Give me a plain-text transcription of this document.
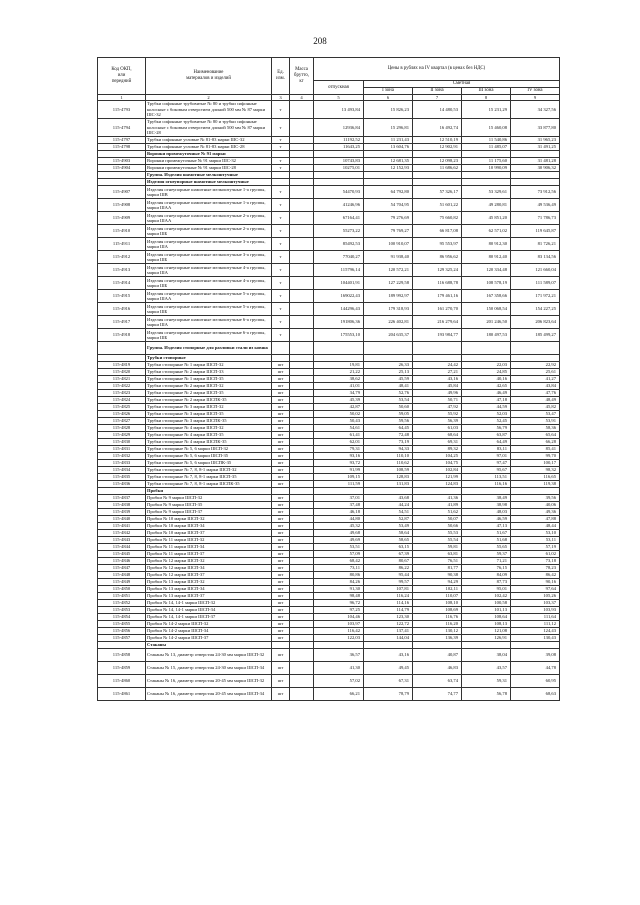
208
Код ОКП,
или
передний	Наименование
материалов и изделий	Ед.
изм.	Масса
брутто,
кг	Цены в рублях на IV квартал (в ценах без НДС)				
				отпускная	Сметная			
					I зона	II зона	III зона	IV зона
1	2	3	4	5	6	7	8	9
115-4793	Трубки сифонные трубовитые № 80 и трубки сифонные колосные с боковым отверстием длиной 500 мм № 87 марки ШС-32	т		13 493,84	15 826,23	14 480,53	15 231,29	34 327,56
115-4794	Трубки сифонные трубовитые № 80 и трубки сифонные колосные с боковым отверстием длиной 500 мм № 87 марки ШС-28	т		12936,84	15 296,81	16 492,74	15 460,08	33 877,80
115-4797	Трубки сифонные угловые № 81-83 марки ШС-32	т		11192,52	11 231,43	12 510,19	11 540,86	31 965,23
115-4798	Трубки сифонные угловые № 81-83 марки ШС-28	т		11643,25	13 604,76	12 902,91	11 485,07	31 491,25
	Воронки промежуточные № 91 марки							
115-4903	Воронки промежуточные № 91 марки ШС-32	т		10743,83	12 681,35	12 098,23	11 175,60	31 481,28
115-4904	Воронки промежуточные № 91 марки ШС-28	т		10275,01	12 152,93	11 686,62	10 990,09	30 906,32
	Группа. Изделия шамотные мелкоштучные							
	Изделия огнеупорные шамотные мелкоштучные							
115-4907	Изделия огнеупорные шамотные мелкоштучные 1-а группы, марки ШВ	т		54470,93	64 792,80	57 326,17	53 329,61	73 912,56
115-4908	Изделия огнеупорные шамотные мелкоштучные 1-а группы, марки ШАА	т		41246,96	54 704,95	51 601,22	49 280,81	49 536,49
115-4909	Изделия огнеупорные шамотные мелкоштучные 2-а группы, марки ШАА	т		67164,41	79 276,69	75 660,82	45 851,20	71 786,73
115-4910	Изделия огнеупорные шамотные мелкоштучные 2-а группы, марки ШБ	т		55273,22	79 769,27	66 817,08	62 571,02	119 645,87
115-4911	Изделия огнеупорные шамотные мелкоштучные 3-а группы, марки ША	т		85492,53	100 910,07	95 553,97	80 912,30	81 726,21
115-4912	Изделия огнеупорные шамотные мелкоштучные 3-а группы, марки ШБ	т		77040,27	91 938,40	86 956,62	80 912,40	83 134,56
115-4913	Изделия огнеупорные шамотные мелкоштучные 4-а группы, марки ША	т		115796,14	120 572,21	129 325,24	120 334,48	121 660,04
115-4914	Изделия огнеупорные шамотные мелкоштучные 4-а группы, марки ШБ	т		104401,91	127 229,58	116 688,78	108 578,19	111 589,07
115-4915	Изделия огнеупорные шамотные мелкоштучные 5-а группы, марки ШАА	т		169022,43	189 992,97	179 461,16	167 358,66	171 972,21
115-4916	Изделия огнеупорные шамотные мелкоштучные 5-а группы, марки ШБ	т		144296,43	179 318,93	161 270,70	150 068,54	154 227,25
115-4917	Изделия огнеупорные шамотные мелкоштучные 6-а группы, марки ША	т		191806,36	226 402,81	216 279,64	201 246,50	206 823,64
115-4918	Изделия огнеупорные шамотные мелкоштучные 6-а группы, марки ШБ	т		175553,10	204 635,37	193 984,77	180 497,53	185 499,27
	Группа. Изделия стопорные для разливки стали из ковша							
	Трубки стопорные							
115-4819	Трубки стопорные № 1 марки ШСП-32	шт		19,81	26,33	24,42	22,03	22,92
115-4820	Трубки стопорные № 2 марки ШСП-33	шт		21,22	25,13	27,21	24,85	25,61
115-4821	Трубки стопорные № 1 марки ШСП-35	шт		38,62	45,59	43,16	40,16	41,27
115-4822	Трубки стопорные № 2 марки ШСП-32	шт		41,01	48,41	45,84	42,65	43,84
115-4823	Трубки стопорные № 2 марки ШСП-35	шт		34,79	52,76	49,96	46,49	47,76
115-4824	Трубки стопорные № 2 марки ШСПК-35	шт		45,39	53,54	50,71	47,18	48,49
115-4825	Трубки стопорные № 3 марки ШСП-32	шт		42,87	50,60	47,92	44,59	45,82
115-4826	Трубки стопорные № 3 марки ШСП-35	шт		50,02	59,05	55,92	52,03	53,47
115-4827	Трубки стопорные № 3 марки ШСПК-35	шт		50,43	59,56	56,39	52,45	53,91
115-4828	Трубки стопорные № 4 марки ШСП-32	шт		54,61	64,45	61,03	56,79	58,36
115-4829	Трубки стопорные № 4 марки ШСП-35	шт		61,41	72,48	68,64	63,87	65,64
115-4830	Трубки стопорные № 4 марки ШСПК-35	шт		62,01	73,19	69,31	64,49	66,28
115-4831	Трубки стопорные № 5, 6 марки ШСП-32	шт		79,31	94,33	89,32	83,11	85,41
115-4832	Трубки стопорные № 5, 6 марки ШСП-35	шт		93,16	110,10	104,25	97,01	99,70
115-4833	Трубки стопорные № 5, 6 марки ШСПК-35	шт		93,72	110,62	104,75	97,47	100,17
115-4834	Трубки стопорные № 7, 8, 8-1 марки ШСП-32	шт		91,99	108,59	102,84	95,67	98,32
115-4835	Трубки стопорные № 7, 8, 8-1 марки ШСП-35	шт		109,15	128,83	121,99	113,51	116,65
115-4836	Трубки стопорные № 7, 8, 8-1 марки ШСПК-35	шт		111,59	131,83	124,83	116,16	119,38
	Пробки							
115-4837	Пробки № 9 марки ШСП-32	шт		37,01	43,68	41,36	38,49	39,56
115-4838	Пробки № 9 марки ШСП-35	шт		37,48	44,24	41,89	38,98	40,06
115-4839	Пробки № 9 марки ШСП-37	шт		46,18	54,51	51,62	48,03	49,36
115-4840	Пробки № 10 марки ШСП-32	шт		44,80	52,87	50,07	46,59	47,88
115-4841	Пробки № 10 марки ШСП-34	шт		45,32	53,49	50,66	47,13	48,44
115-4842	Пробки № 10 марки ШСП-37	шт		49,68	58,64	55,53	51,67	53,10
115-4843	Пробки № 11 марки ШСП-32	шт		49,69	58,65	55,54	51,68	53,11
115-4844	Пробки № 11 марки ШСП-34	шт		53,51	63,15	59,81	55,65	57,19
115-4845	Пробки № 11 марки ШСП-37	шт		57,09	67,39	63,81	59,37	61,02
115-4846	Пробки № 12 марки ШСП-32	шт		68,42	80,67	76,51	71,21	73,18
115-4847	Пробки № 12 марки ШСП-34	шт		73,11	86,22	81,77	76,15	78,23
115-4848	Пробки № 12 марки ШСП-37	шт		80,86	95,44	90,38	84,09	86,42
115-4849	Пробки № 13 марки ШСП-32	шт		84,26	99,57	94,29	87,73	90,16
115-4850	Пробки № 13 марки ШСП-34	шт		91,30	107,81	102,11	95,01	97,64
115-4851	Пробки № 13 марки ШСП-37	шт		98,48	116,24	110,07	102,42	105,26
115-4852	Пробки № 14, 14-1 марки ШСП-32	шт		96,72	114,16	108,10	100,58	103,37
115-4853	Пробки № 14, 14-1 марки ШСП-34	шт		97,25	114,79	108,69	101,13	103,93
115-4854	Пробки № 14, 14-1 марки ШСП-37	шт		104,46	123,30	116,76	108,64	111,64
115-4855	Пробки № 14-2 марки ШСП-32	шт		103,97	122,72	116,20	108,13	111,12
115-4856	Пробки № 14-2 марки ШСП-34	шт		116,42	137,41	130,12	121,08	124,43
115-4857	Пробки № 14-2 марки ШСП-37	шт		122,03	144,04	136,39	126,91	130,43
	Стаканы							
115-4858	Стаканы № 13, диаметр отверстия 24-30 мм марки ШСП-32	шт		36,57	43,16	40,87	38,04	39,08
115-4859	Стаканы № 15, диаметр отверстия 24-30 мм марки ШСП-34	шт		41,30	49,45	46,83	43,57	44,78
115-4860	Стаканы № 16, диаметр отверстия 20-45 мм марки ШСП-32	шт		57,02	67,31	63,74	59,31	60,95
115-4861	Стаканы № 16, диаметр отверстия 20-45 мм марки ШСП-34	шт		66,21	78,79	74,77	56,78	68,63
